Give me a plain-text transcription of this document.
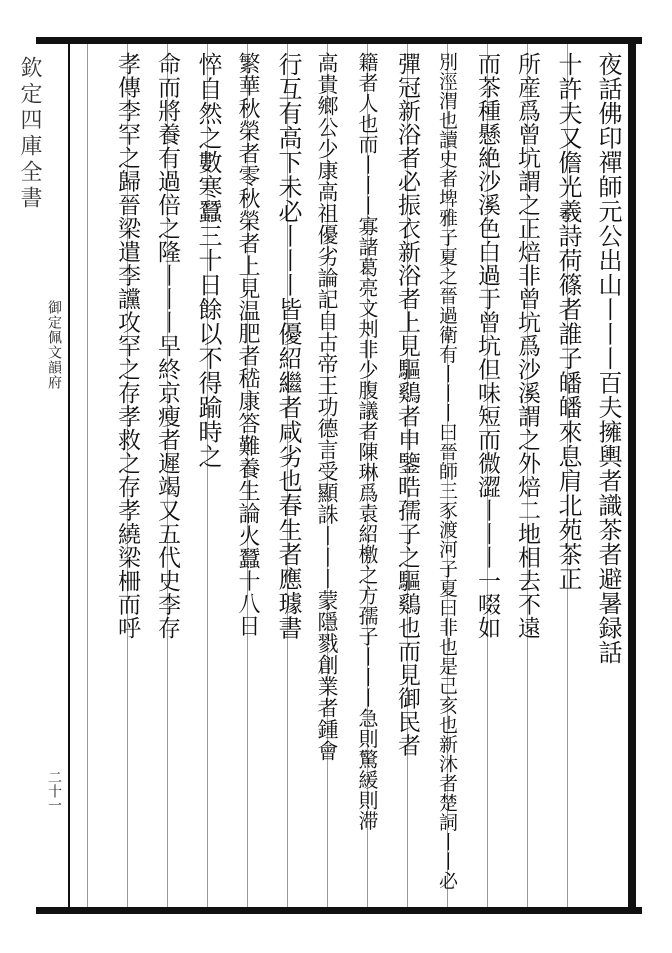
欽定四庫全書
御定佩文韻府
二十一
夜話佛印禪師元公出山丨丨丨百夫擁輿者識茶者避暑録話
十許夫又儋光羲詩荷篠者誰子皤皤來息肩北苑茶正
所産爲曾坑謂之正焙非曾坑爲沙溪謂之外焙二地相去不遠
而茶種懸絶沙溪色白過于曾坑但味短而微澀丨丨丨一啜如
別涇渭也讀史者埤雅子夏之晉過衛有丨丨丨曰晉師三豕渡河子夏曰非也是己亥也新沐者楚詞丨丨必
彈冠新浴者必振衣新浴者上見驅鷄者申鑒晧孺子之驅鷄也而見御民者
籍者人也而丨丨丨寡諸葛亮文刔非少腹議者陳琳爲袁紹檄之方孺子丨丨丨急則驚緩則滞
高貴鄉公少康高祖優劣論記自古帝王功德言受顯誅丨丨丨蒙隱戮創業者鍾會
行互有高下未必丨丨丨皆優紹繼者咸劣也春生者應璩書
繁華秋榮者零秋榮者上見温肥者嵇康答難養生論火蠶十八日
悴自然之數寒蠶三十日餘以不得踰時之
命而將養有過倍之隆丨丨丨早終京瘦者遲竭又五代史李存
孝傳李罕之歸晉梁遣李讜攻罕之存孝救之存孝繞梁柵而呼
